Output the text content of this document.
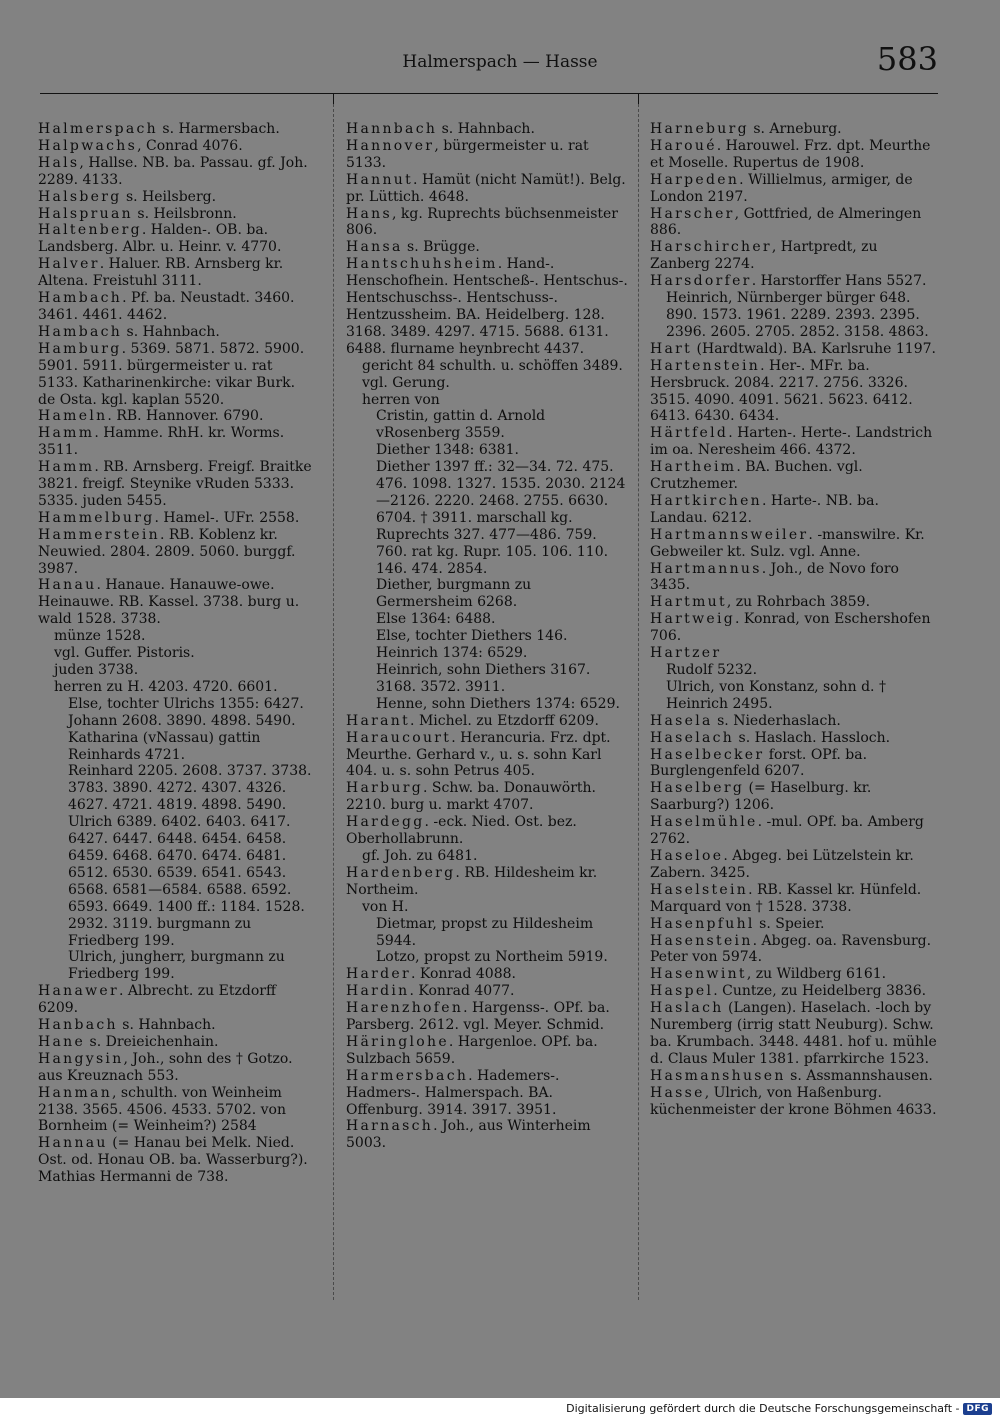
Halmerspach — Hasse	583
Halmerspach s. Harmersbach.
Halpwachs, Conrad 4076.
Hals, Hallse. NB. ba. Passau. gf. Joh. 2289. 4133.
Halsberg s. Heilsberg.
Halspruan s. Heilsbronn.
Haltenberg. Halden-. OB. ba. Landsberg. Albr. u. Heinr. v. 4770.
Halver. Haluer. RB. Arnsberg kr. Altena. Freistuhl 3111.
Hambach. Pf. ba. Neustadt. 3460. 3461. 4461. 4462.
Hambach s. Hahnbach.
Hamburg. 5369. 5871. 5872. 5900. 5901. 5911. bürgermeister u. rat 5133. Katharinenkirche: vikar Burk. de Osta. kgl. kaplan 5520.
Hameln. RB. Hannover. 6790.
Hamm. Hamme. RhH. kr. Worms. 3511.
Hamm. RB. Arnsberg. Freigf. Braitke 3821. freigf. Steynike vRuden 5333. 5335. juden 5455.
Hammelburg. Hamel-. UFr. 2558.
Hammerstein. RB. Koblenz kr. Neuwied. 2804. 2809. 5060. burggf. 3987.
Hanau. Hanaue. Hanauwe-owe. Heinauwe. RB. Kassel. 3738. burg u. wald 1528. 3738.
münze 1528.
vgl. Guffer. Pistoris.
juden 3738.
herren zu H. 4203. 4720. 6601.
Else, tochter Ulrichs 1355: 6427.
Johann 2608. 3890. 4898. 5490.
Katharina (vNassau) gattin Reinhards 4721.
Reinhard 2205. 2608. 3737. 3738. 3783. 3890. 4272. 4307. 4326. 4627. 4721. 4819. 4898. 5490.
Ulrich 6389. 6402. 6403. 6417. 6427. 6447. 6448. 6454. 6458. 6459. 6468. 6470. 6474. 6481. 6512. 6530. 6539. 6541. 6543. 6568. 6581—6584. 6588. 6592. 6593. 6649. 1400 ff.: 1184. 1528. 2932. 3119. burgmann zu Friedberg 199.
Ulrich, jungherr, burgmann zu Friedberg 199.
Hanawer. Albrecht. zu Etzdorff 6209.
Hanbach s. Hahnbach.
Hane s. Dreieichenhain.
Hangysin, Joh., sohn des † Gotzo. aus Kreuznach 553.
Hanman, schulth. von Weinheim 2138. 3565. 4506. 4533. 5702. von Bornheim (= Weinheim?) 2584
Hannau (= Hanau bei Melk. Nied. Ost. od. Honau OB. ba. Wasserburg?). Mathias Hermanni de 738.
Hannbach s. Hahnbach.
Hannover, bürgermeister u. rat 5133.
Hannut. Hamüt (nicht Namüt!). Belg. pr. Lüttich. 4648.
Hans, kg. Ruprechts büchsenmeister 806.
Hansa s. Brügge.
Hantschuhsheim. Hand-. Henschofhein. Hentscheß-. Hentschus-. Hentschuschss-. Hentschuss-. Hentzussheim. BA. Heidelberg. 128. 3168. 3489. 4297. 4715. 5688. 6131. 6488. flurname heynbrecht 4437.
gericht 84 schulth. u. schöffen 3489.
vgl. Gerung.
herren von
Cristin, gattin d. Arnold vRosenberg 3559.
Diether 1348: 6381.
Diether 1397 ff.: 32—34. 72. 475. 476. 1098. 1327. 1535. 2030. 2124—2126. 2220. 2468. 2755. 6630. 6704. † 3911. marschall kg. Ruprechts 327. 477—486. 759. 760. rat kg. Rupr. 105. 106. 110. 146. 474. 2854.
Diether, burgmann zu Germersheim 6268.
Else 1364: 6488.
Else, tochter Diethers 146.
Heinrich 1374: 6529.
Heinrich, sohn Diethers 3167. 3168. 3572. 3911.
Henne, sohn Diethers 1374: 6529.
Harant. Michel. zu Etzdorff 6209.
Haraucourt. Herancuria. Frz. dpt. Meurthe. Gerhard v., u. s. sohn Karl 404. u. s. sohn Petrus 405.
Harburg. Schw. ba. Donauwörth. 2210. burg u. markt 4707.
Hardegg. -eck. Nied. Ost. bez. Oberhollabrunn.
gf. Joh. zu 6481.
Hardenberg. RB. Hildesheim kr. Northeim.
von H.
Dietmar, propst zu Hildesheim 5944.
Lotzo, propst zu Northeim 5919.
Harder. Konrad 4088.
Hardin. Konrad 4077.
Harenzhofen. Hargenss-. OPf. ba. Parsberg. 2612. vgl. Meyer. Schmid.
Häringlohe. Hargenloe. OPf. ba. Sulzbach 5659.
Harmersbach. Hademers-. Hadmers-. Halmerspach. BA. Offenburg. 3914. 3917. 3951.
Harnasch. Joh., aus Winterheim 5003.
Harneburg s. Arneburg.
Haroué. Harouwel. Frz. dpt. Meurthe et Moselle. Rupertus de 1908.
Harpeden. Willielmus, armiger, de London 2197.
Harscher, Gottfried, de Almeringen 886.
Harschircher, Hartpredt, zu Zanberg 2274.
Harsdorfer. Harstorffer Hans 5527.
Heinrich, Nürnberger bürger 648. 890. 1573. 1961. 2289. 2393. 2395. 2396. 2605. 2705. 2852. 3158. 4863.
Hart (Hardtwald). BA. Karlsruhe 1197.
Hartenstein. Her-. MFr. ba. Hersbruck. 2084. 2217. 2756. 3326. 3515. 4090. 4091. 5621. 5623. 6412. 6413. 6430. 6434.
Härtfeld. Harten-. Herte-. Landstrich im oa. Neresheim 466. 4372.
Hartheim. BA. Buchen. vgl. Crutzhemer.
Hartkirchen. Harte-. NB. ba. Landau. 6212.
Hartmannsweiler. -manswilre. Kr. Gebweiler kt. Sulz. vgl. Anne.
Hartmannus. Joh., de Novo foro 3435.
Hartmut, zu Rohrbach 3859.
Hartweig. Konrad, von Eschershofen 706.
Hartzer
Rudolf 5232.
Ulrich, von Konstanz, sohn d. † Heinrich 2495.
Hasela s. Niederhaslach.
Haselach s. Haslach. Hassloch.
Haselbecker forst. OPf. ba. Burglengenfeld 6207.
Haselberg (= Haselburg. kr. Saarburg?) 1206.
Haselmühle. -mul. OPf. ba. Amberg 2762.
Haseloe. Abgeg. bei Lützelstein kr. Zabern. 3425.
Haselstein. RB. Kassel kr. Hünfeld. Marquard von † 1528. 3738.
Hasenpfuhl s. Speier.
Hasenstein. Abgeg. oa. Ravensburg. Peter von 5974.
Hasenwint, zu Wildberg 6161.
Haspel. Cuntze, zu Heidelberg 3836.
Haslach (Langen). Haselach. -loch by Nuremberg (irrig statt Neuburg). Schw. ba. Krumbach. 3448. 4481. hof u. mühle d. Claus Muler 1381. pfarrkirche 1523.
Hasmanshusen s. Assmannshausen.
Hasse, Ulrich, von Haßenburg. küchenmeister der krone Böhmen 4633.
Digitalisierung gefördert durch die Deutsche Forschungsgemeinschaft - DFG
